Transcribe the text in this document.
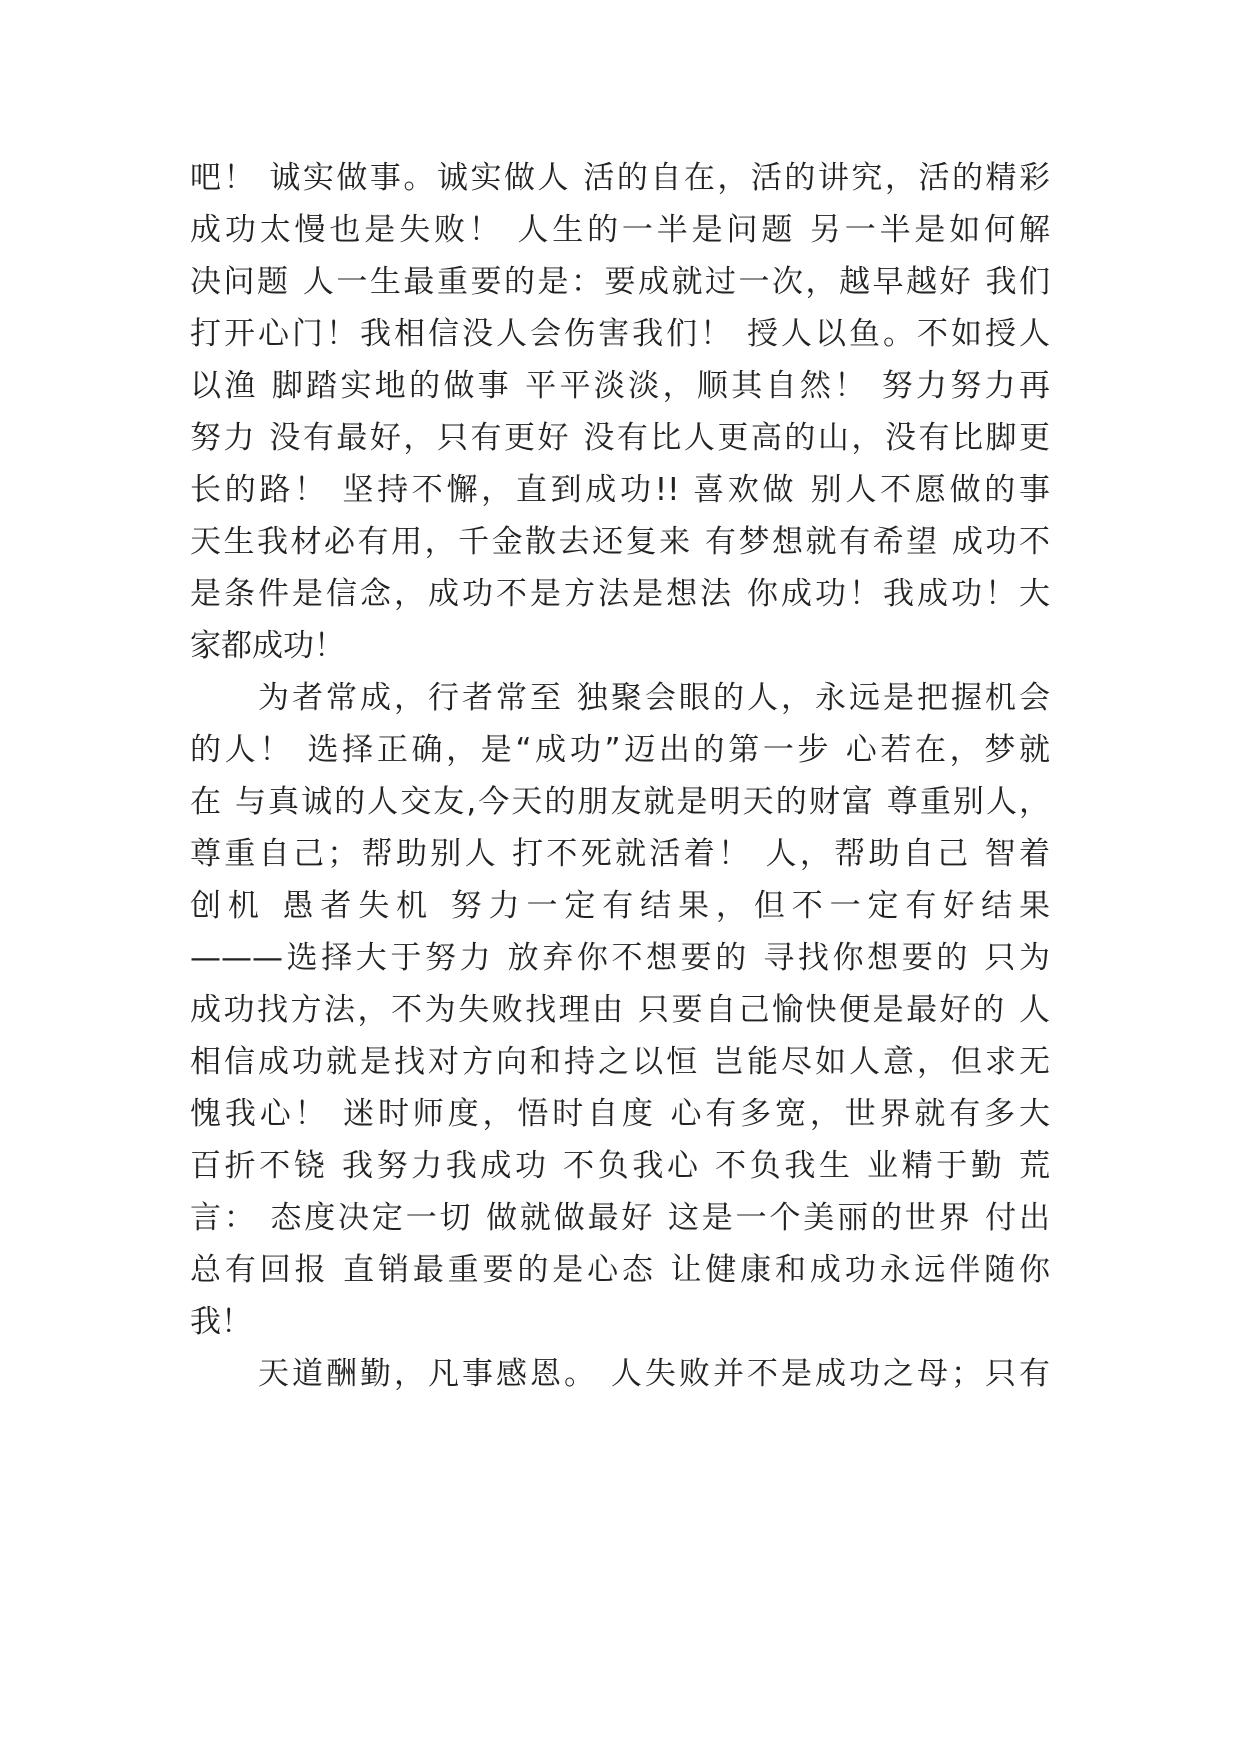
吧！ 诚实做事。诚实做人 活的自在，活的讲究，活的精彩
成功太慢也是失败！ 人生的一半是问题 另一半是如何解
决问题 人一生最重要的是：要成就过一次，越早越好 我们
打开心门！我相信没人会伤害我们！ 授人以鱼。不如授人
以渔 脚踏实地的做事 平平淡淡，顺其自然！ 努力努力再
努力 没有最好，只有更好 没有比人更高的山，没有比脚更
长的路！ 坚持不懈，直到成功!! 喜欢做 别人不愿做的事
天生我材必有用，千金散去还复来 有梦想就有希望 成功不
是条件是信念，成功不是方法是想法 你成功！我成功！大
家都成功！
为者常成，行者常至 独聚会眼的人，永远是把握机会
的人！ 选择正确，是“成功”迈出的第一步 心若在，梦就
在 与真诚的人交友,今天的朋友就是明天的财富 尊重别人，
尊重自己；帮助别人 打不死就活着！ 人，帮助自己 智着
创机 愚者失机 努力一定有结果，但不一定有好结果
———选择大于努力 放弃你不想要的 寻找你想要的 只为
成功找方法，不为失败找理由 只要自己愉快便是最好的 人
相信成功就是找对方向和持之以恒 岂能尽如人意，但求无
愧我心！ 迷时师度，悟时自度 心有多宽，世界就有多大
百折不铙 我努力我成功 不负我心 不负我生 业精于勤 荒
言： 态度决定一切 做就做最好 这是一个美丽的世界 付出
总有回报 直销最重要的是心态 让健康和成功永远伴随你
我！
天道酬勤，凡事感恩。 人失败并不是成功之母；只有
